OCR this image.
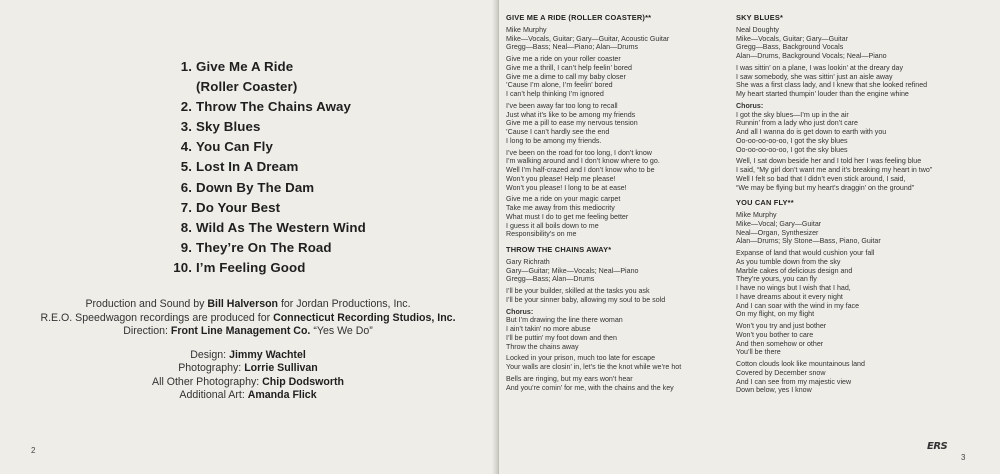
1. Give Me A Ride
(Roller Coaster)
2. Throw The Chains Away
3. Sky Blues
4. You Can Fly
5. Lost In A Dream
6. Down By The Dam
7. Do Your Best
8. Wild As The Western Wind
9. They’re On The Road
10. I’m Feeling Good

Production and Sound by Bill Halverson for Jordan Productions, Inc.

R.E.O. Speedwagon recordings are produced for Connecticut Recording Studios, Inc.

Direction: Front Line Management Co. “Yes We Do”

Design: Jimmy Wachtel

Photography: Lorrie Sullivan

All Other Photography: Chip Dodsworth

Additional Art: Amanda Flick

2
GIVE ME A RIDE (ROLLER COASTER)**
Mike Murphy
Mike—Vocals, Guitar; Gary—Guitar, Acoustic Guitar
Gregg—Bass; Neal—Piano; Alan—Drums
Give me a ride on your roller coaster
Give me a thrill, I can’t help feelin’ bored
Give me a dime to call my baby closer
’Cause I’m alone, I’m feelin’ bored
I can’t help thinking I’m ignored
I’ve been away far too long to recall
Just what it’s like to be among my friends
Give me a pill to ease my nervous tension
’Cause I can’t hardly see the end
I long to be among my friends.
I’ve been on the road for too long, I don’t know
I’m walking around and I don’t know where to go.
Well I’m half-crazed and I don’t know who to be
Won’t you please! Help me please!
Won’t you please! I long to be at ease!
Give me a ride on your magic carpet
Take me away from this mediocrity
What must I do to get me feeling better
I guess it all boils down to me
Responsibility’s on me
THROW THE CHAINS AWAY*
Gary Richrath
Gary—Guitar; Mike—Vocals; Neal—Piano
Gregg—Bass; Alan—Drums
I’ll be your builder, skilled at the tasks you ask
I’ll be your sinner baby, allowing my soul to be sold
Chorus:
But I’m drawing the line there woman
I ain’t takin’ no more abuse
I’ll be puttin’ my foot down and then
Throw the chains away
Locked in your prison, much too late for escape
Your walls are closin’ in, let’s tie the knot while we’re hot
Bells are ringing, but my ears won’t hear
And you’re comin’ for me, with the chains and the key
SKY BLUES*
Neal Doughty
Mike—Vocals, Guitar; Gary—Guitar
Gregg—Bass, Background Vocals
Alan—Drums, Background Vocals; Neal—Piano
I was sittin’ on a plane, I was lookin’ at the dreary day
I saw somebody, she was sittin’ just an aisle away
She was a first class lady, and I knew that she looked refined
My heart started thumpin’ louder than the engine whine
Chorus:
I got the sky blues—I’m up in the air
Runnin’ from a lady who just don’t care
And all I wanna do is get down to earth with you
Oo-oo-oo-oo-oo, I got the sky blues
Oo-oo-oo-oo-oo, I got the sky blues
Well, I sat down beside her and I told her I was feeling blue
I said, “My girl don’t want me and it’s breaking my heart in two”
Well I felt so bad that I didn’t even stick around, I said,
“We may be flying but my heart’s draggin’ on the ground”
YOU CAN FLY**
Mike Murphy
Mike—Vocal; Gary—Guitar
Neal—Organ, Synthesizer
Alan—Drums; Sly Stone—Bass, Piano, Guitar
Expanse of land that would cushion your fall
As you tumble down from the sky
Marble cakes of delicious design and
They’re yours, you can fly
I have no wings but I wish that I had,
I have dreams about it every night
And I can soar with the wind in my face
On my flight, on my flight
Won’t you try and just bother
Won’t you bother to care
And then somehow or other
You’ll be there
Cotton clouds look like mountainous land
Covered by December snow
And I can see from my majestic view
Down below, yes I know
ERS
3
